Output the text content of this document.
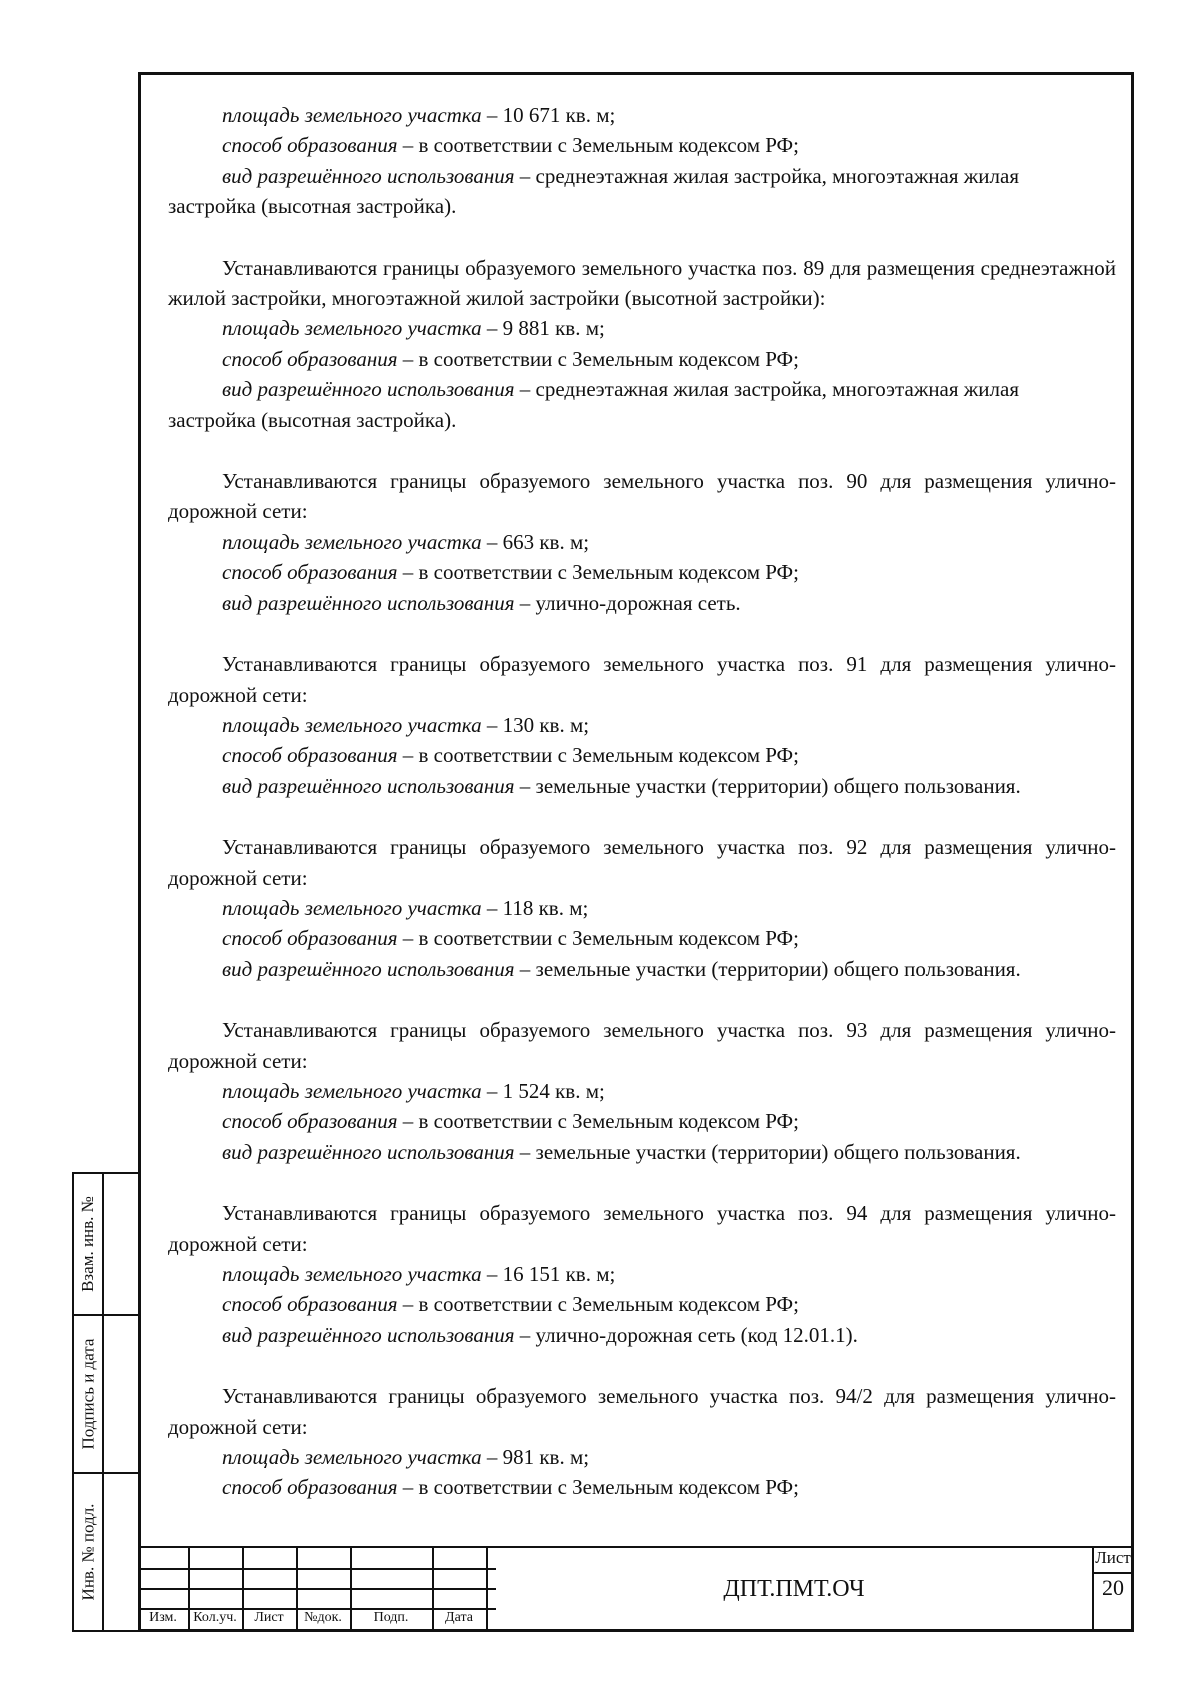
площадь земельного участка – 10 671 кв. м;

способ образования – в соответствии с Земельным кодексом РФ;

вид разрешённого использования – среднеэтажная жилая застройка, многоэтажная жилая

застройка (высотная застройка).

Устанавливаются границы образуемого земельного участка поз. 89 для размещения среднеэтажной жилой застройки, многоэтажной жилой застройки (высотной застройки):

площадь земельного участка – 9 881 кв. м;

способ образования – в соответствии с Земельным кодексом РФ;

вид разрешённого использования – среднеэтажная жилая застройка, многоэтажная жилая

застройка (высотная застройка).

Устанавливаются границы образуемого земельного участка поз. 90 для размещения улично-дорожной сети:

площадь земельного участка – 663 кв. м;

способ образования – в соответствии с Земельным кодексом РФ;

вид разрешённого использования – улично-дорожная сеть.

Устанавливаются границы образуемого земельного участка поз. 91 для размещения улично-дорожной сети:

площадь земельного участка – 130 кв. м;

способ образования – в соответствии с Земельным кодексом РФ;

вид разрешённого использования – земельные участки (территории) общего пользования.

Устанавливаются границы образуемого земельного участка поз. 92 для размещения улично-дорожной сети:

площадь земельного участка – 118 кв. м;

способ образования – в соответствии с Земельным кодексом РФ;

вид разрешённого использования – земельные участки (территории) общего пользования.

Устанавливаются границы образуемого земельного участка поз. 93 для размещения улично-дорожной сети:

площадь земельного участка – 1 524 кв. м;

способ образования – в соответствии с Земельным кодексом РФ;

вид разрешённого использования – земельные участки (территории) общего пользования.

Устанавливаются границы образуемого земельного участка поз. 94 для размещения улично-дорожной сети:

площадь земельного участка – 16 151 кв. м;

способ образования – в соответствии с Земельным кодексом РФ;

вид разрешённого использования – улично-дорожная сеть (код 12.01.1).

Устанавливаются границы образуемого земельного участка поз. 94/2 для размещения улично-дорожной сети:

площадь земельного участка – 981 кв. м;

способ образования – в соответствии с Земельным кодексом РФ;

Взам. инв. №
Подпись и дата
Инв. № подл.
Изм.	Кол.уч.	Лист	№док.	Подп.	Дата
ДПТ.ПМТ.ОЧ
Лист
20
